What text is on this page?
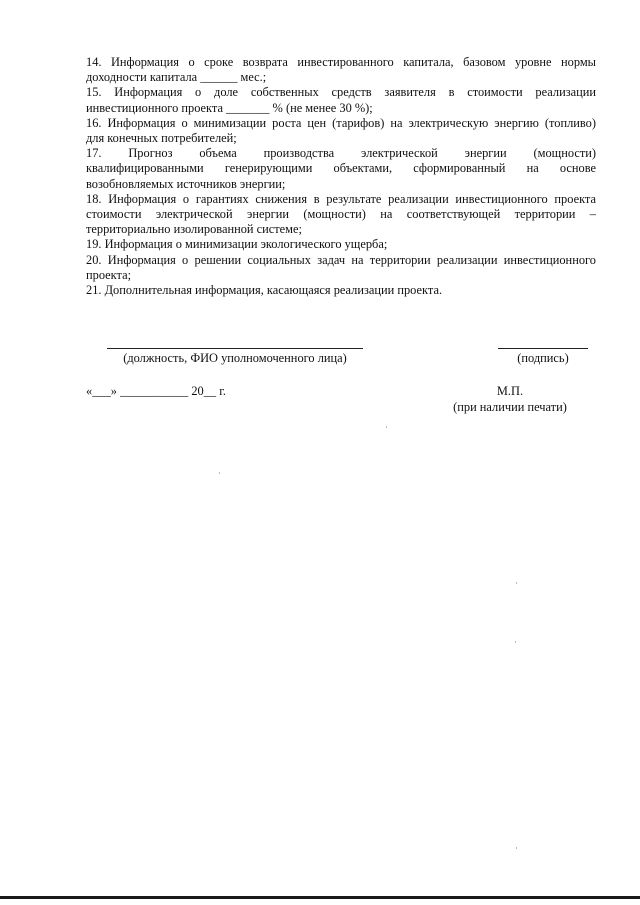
14. Информация о сроке возврата инвестированного капитала, базовом уровне нормы
доходности капитала ______ мес.;

15. Информация о доле собственных средств заявителя в стоимости реализации
инвестиционного проекта _______ % (не менее 30 %);

16. Информация о минимизации роста цен (тарифов) на электрическую энергию (топливо)
для конечных потребителей;

17. Прогноз объема производства электрической энергии (мощности)
квалифицированными генерирующими объектами, сформированный на основе
возобновляемых источников энергии;

18. Информация о гарантиях снижения в результате реализации инвестиционного проекта
стоимости электрической энергии (мощности) на соответствующей территории –
территориально изолированной системе;

19. Информация о минимизации экологического ущерба;

20. Информация о решении социальных задач на территории реализации инвестиционного
проекта;

21. Дополнительная информация, касающаяся реализации проекта.

(должность, ФИО уполномоченного лица)	(подпись)
«___» ___________ 20__ г.	М.П.
(при наличии печати)
